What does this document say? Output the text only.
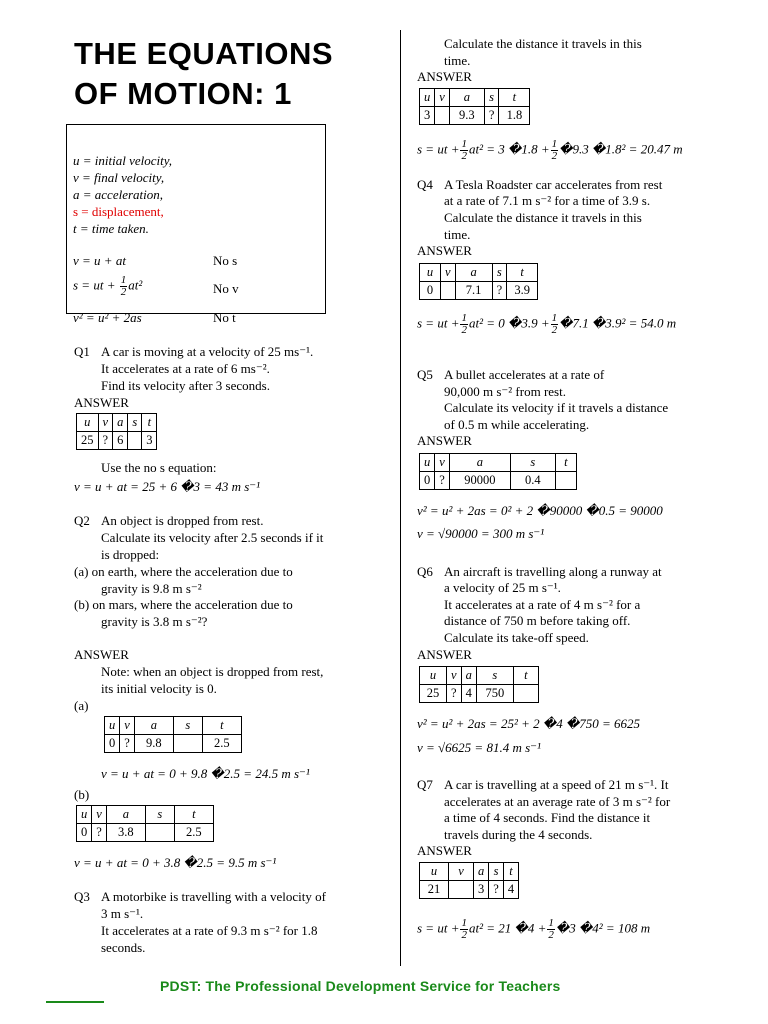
THE EQUATIONS
OF MOTION: 1
u = initial velocity,
v = final velocity,
a = acceleration,
s = displacement,
t = time taken.
v = u + at	No s
s = ut + $\frac{1}{2} at^2$	No v
v² = u² + 2as	No t
Q1 A car is moving at a velocity of 25 ms⁻¹.
It accelerates at a rate of 6 ms⁻².
Find its velocity after 3 seconds.
ANSWER
u	v	a	s	t
25	?	6		3
Use the no s equation:
v = u + at = 25 + 6 �3 = 43 m s⁻¹
Q2 An object is dropped from rest.
Calculate its velocity after 2.5 seconds if it
is dropped:
(a) on earth, where the acceleration due to
gravity is 9.8 m s⁻²
(b) on mars, where the acceleration due to
gravity is 3.8 m s⁻²?
ANSWER
Note: when an object is dropped from rest,
its initial velocity is 0.
(a)
u	v	a	s	t
0	?	9.8		2.5
v = u + at = 0 + 9.8 �2.5 = 24.5 m s⁻¹
(b)
u	v	a	s	t
0	?	3.8		2.5
v = u + at = 0 + 3.8 �2.5 = 9.5 m s⁻¹
Q3 A motorbike is travelling with a velocity of
3 m s⁻¹.
It accelerates at a rate of 9.3 m s⁻² for 1.8
seconds.
Calculate the distance it travels in this
time.
ANSWER
u	v	a	s	t
3		9.3	?	1.8
s = ut + $\frac{1}{2} at^2 = 3$ �1.8 + $\frac{1}{2}$ �9.3 �1.8² = 20.47 m
Q4 A Tesla Roadster car accelerates from rest
at a rate of 7.1 m s⁻² for a time of 3.9 s.
Calculate the distance it travels in this
time.
ANSWER
u	v	a	s	t
0		7.1	?	3.9
s = ut + $\frac{1}{2} at^2 = 0$ �3.9 + $\frac{1}{2}$ �7.1 �3.9² = 54.0 m
Q5 A bullet accelerates at a rate of
90,000 m s⁻² from rest.
Calculate its velocity if it travels a distance
of 0.5 m while accelerating.
ANSWER
u	v	a	s	t
0	?	90000	0.4	
v² = u² + 2as = 0² + 2 �90000 �0.5 = 90000
v = √90000 = 300 m s⁻¹
Q6 An aircraft is travelling along a runway at
a velocity of 25 m s⁻¹.
It accelerates at a rate of 4 m s⁻² for a
distance of 750 m before taking off.
Calculate its take-off speed.
ANSWER
u	v	a	s	t
25	?	4	750	
v² = u² + 2as = 25² + 2 �4 �750 = 6625
v = √6625 = 81.4 m s⁻¹
Q7 A car is travelling at a speed of 21 m s⁻¹. It
accelerates at an average rate of 3 m s⁻² for
a time of 4 seconds. Find the distance it
travels during the 4 seconds.
ANSWER
u	v	a	s	t
21		3	?	4
s = ut + $\frac{1}{2} at^2 = 21$ �4 + $\frac{1}{2}$ �3 �4² = 108 m
PDST: The Professional Development Service for Teachers
